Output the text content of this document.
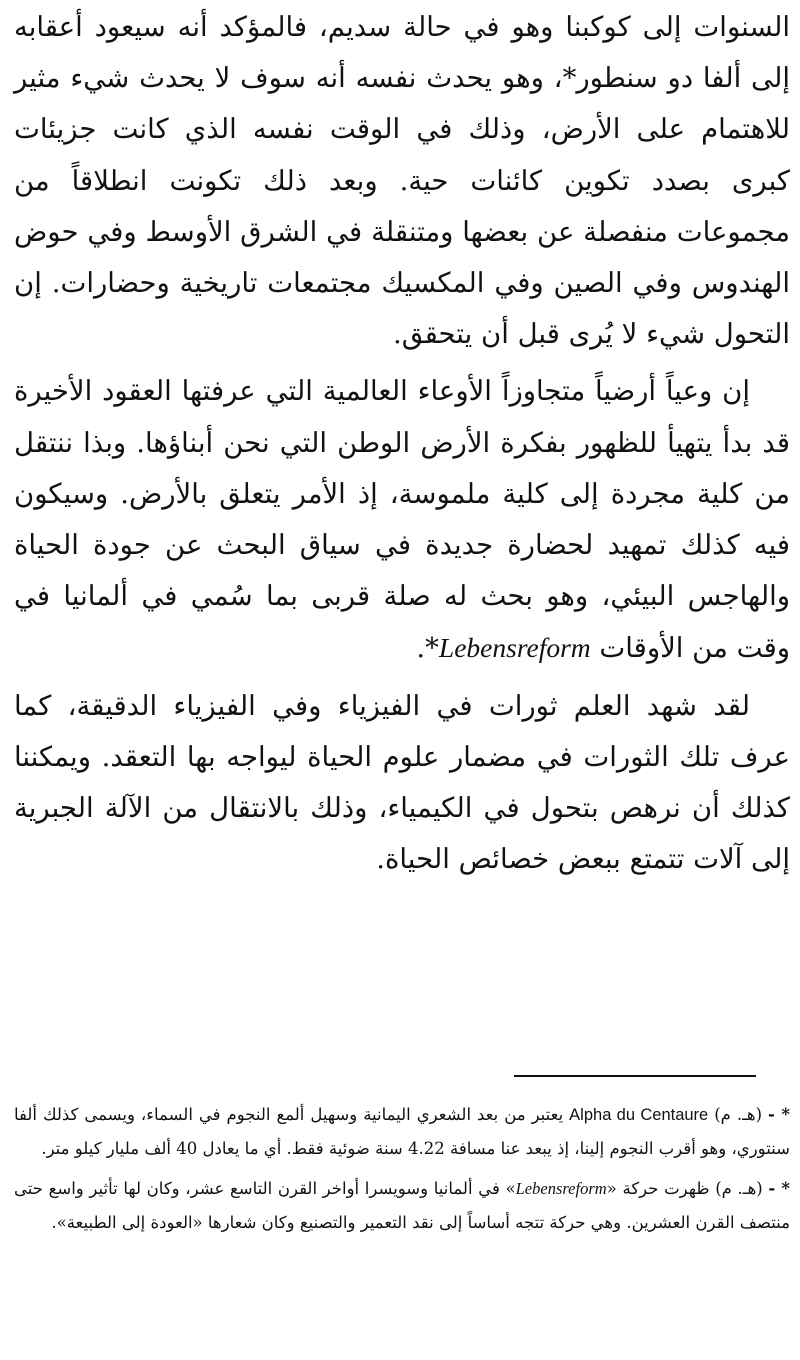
السنوات إلى كوكبنا وهو في حالة سديم، فالمؤكد أنه سيعود أعقابه إلى ألفا دو سنطور*، وهو يحدث نفسه أنه سوف لا يحدث شيء مثير للاهتمام على الأرض، وذلك في الوقت نفسه الذي كانت جزيئات كبرى بصدد تكوين كائنات حية. وبعد ذلك تكونت انطلاقاً من مجموعات منفصلة عن بعضها ومتنقلة في الشرق الأوسط وفي حوض الهندوس وفي الصين وفي المكسيك مجتمعات تاريخية وحضارات. إن التحول شيء لا يُرى قبل أن يتحقق.

إن وعياً أرضياً متجاوزاً الأوعاء العالمية التي عرفتها العقود الأخيرة قد بدأ يتهيأ للظهور بفكرة الأرض الوطن التي نحن أبناؤها. وبذا ننتقل من كلية مجردة إلى كلية ملموسة، إذ الأمر يتعلق بالأرض. وسيكون فيه كذلك تمهيد لحضارة جديدة في سياق البحث عن جودة الحياة والهاجس البيئي، وهو بحث له صلة قربى بما سُمي في ألمانيا في وقت من الأوقات Lebensreform*.

لقد شهد العلم ثورات في الفيزياء وفي الفيزياء الدقيقة، كما عرف تلك الثورات في مضمار علوم الحياة ليواجه بها التعقد. ويمكننا كذلك أن نرهص بتحول في الكيمياء، وذلك بالانتقال من الآلة الجبرية إلى آلات تتمتع ببعض خصائص الحياة.

* - (هـ. م) Alpha du Centaure يعتبر من بعد الشعري اليمانية وسهيل ألمع النجوم في السماء، ويسمى كذلك ألفا سنتوري، وهو أقرب النجوم إلينا، إذ يبعد عنا مسافة 4.22 سنة ضوئية فقط. أي ما يعادل 40 ألف مليار كيلو متر.

* - (هـ. م) ظهرت حركة «Lebensreform» في ألمانيا وسويسرا أواخر القرن التاسع عشر، وكان لها تأثير واسع حتى منتصف القرن العشرين. وهي حركة تتجه أساساً إلى نقد التعمير والتصنيع وكان شعارها «العودة إلى الطبيعة».
